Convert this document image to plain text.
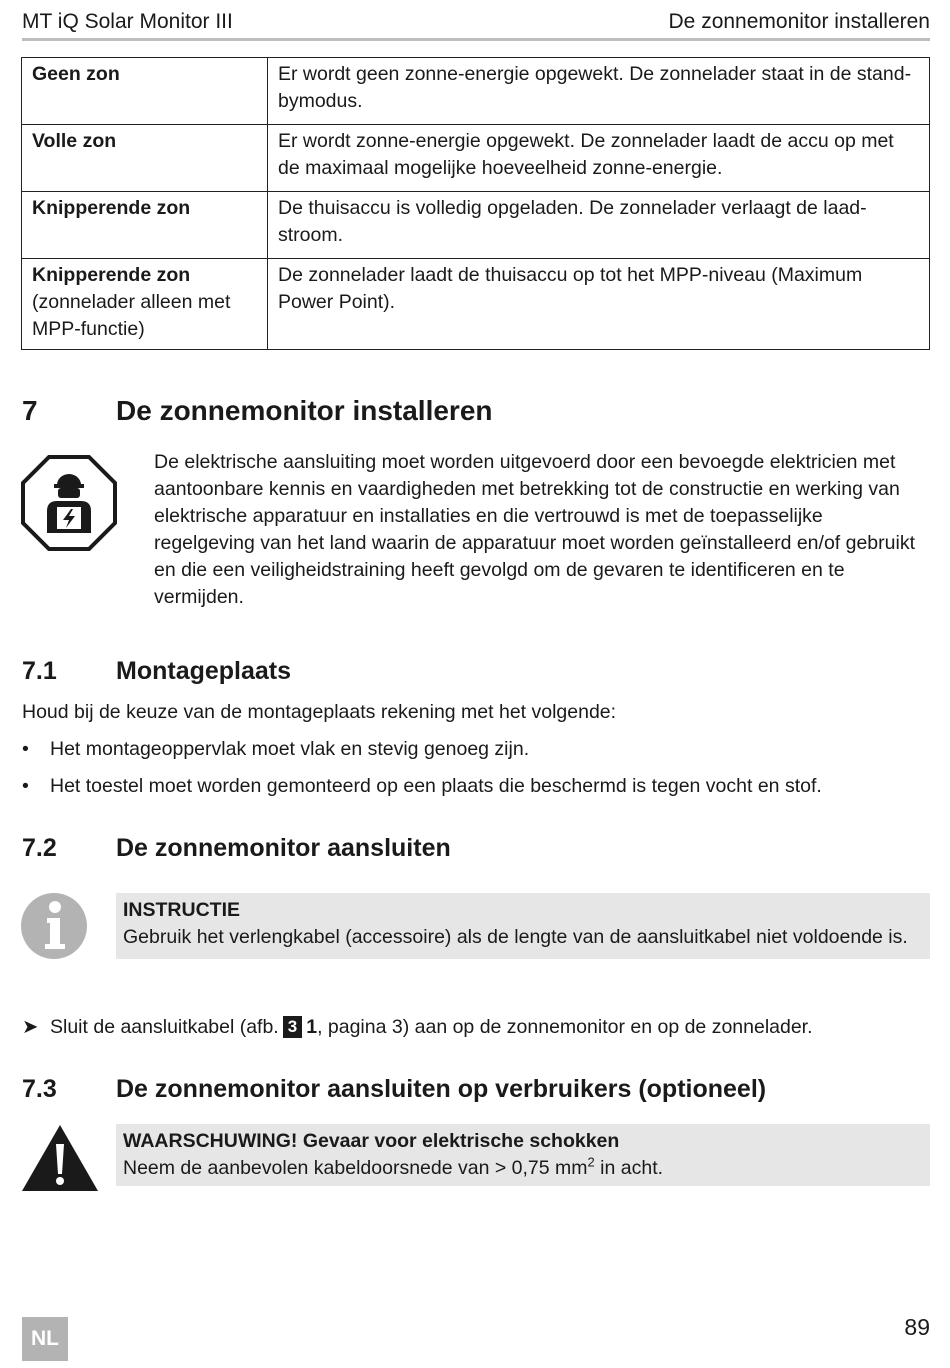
MT iQ Solar Monitor III	De zonnemonitor installeren
Geen zon	Er wordt geen zonne-energie opgewekt. De zonnelader staat in de stand-bymodus.

Volle zon	Er wordt zonne-energie opgewekt. De zonnelader laadt de accu op met de maximaal mogelijke hoeveelheid zonne-energie.

Knipperende zon	De thuisaccu is volledig opgeladen. De zonnelader verlaagt de laadstroom.

Knipperende zon
(zonnelader alleen met MPP-functie)	De zonnelader laadt de thuisaccu op tot het MPP-niveau (Maximum Power Point).
7	De zonnemonitor installeren
De elektrische aansluiting moet worden uitgevoerd door een bevoegde elektricien met aantoonbare kennis en vaardigheden met betrekking tot de constructie en werking van elektrische apparatuur en installaties en die vertrouwd is met de toepasselijke regelgeving van het land waarin de apparatuur moet worden geïnstalleerd en/of gebruikt en die een veiligheidstraining heeft gevolgd om de gevaren te identificeren en te vermijden.
7.1 Montageplaats
Houd bij de keuze van de montageplaats rekening met het volgende:
• Het montageoppervlak moet vlak en stevig genoeg zijn.
• Het toestel moet worden gemonteerd op een plaats die beschermd is tegen vocht en stof.
7.2 De zonnemonitor aansluiten
INSTRUCTIE
Gebruik het verlengkabel (accessoire) als de lengte van de aansluitkabel niet voldoende is.
➤ Sluit de aansluitkabel (afb. 3 1, pagina 3) aan op de zonnemonitor en op de zonnelader.
7.3 De zonnemonitor aansluiten op verbruikers (optioneel)
WAARSCHUWING! Gevaar voor elektrische schokken
Neem de aanbevolen kabeldoorsnede van > 0,75 $mm^2$ in acht.
NL	89
